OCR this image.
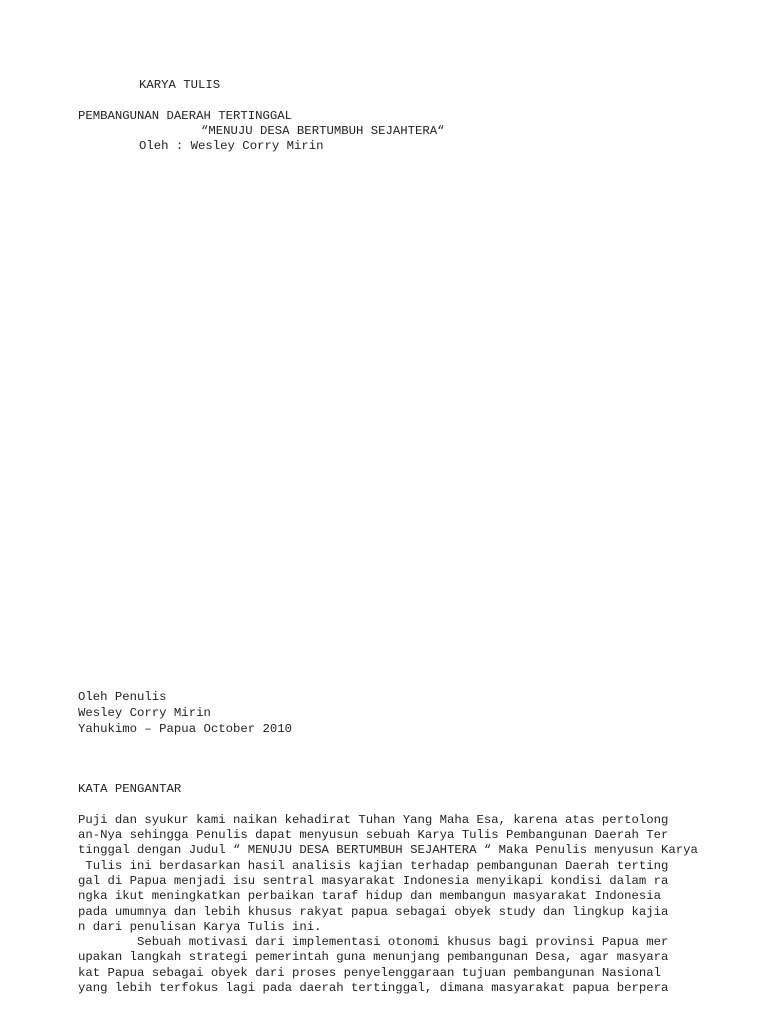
KARYA TULIS
PEMBANGUNAN DAERAH TERTINGGAL
“MENUJU DESA BERTUMBUH SEJAHTERA“
Oleh : Wesley Corry Mirin
Oleh Penulis
Wesley Corry Mirin
Yahukimo – Papua October 2010
KATA PENGANTAR
Puji dan syukur kami naikan kehadirat Tuhan Yang Maha Esa, karena atas pertolong
an-Nya sehingga Penulis dapat menyusun sebuah Karya Tulis Pembangunan Daerah Ter
tinggal dengan Judul “ MENUJU DESA BERTUMBUH SEJAHTERA “ Maka Penulis menyusun Karya
Tulis ini berdasarkan hasil analisis kajian terhadap pembangunan Daerah terting
gal di Papua menjadi isu sentral masyarakat Indonesia menyikapi kondisi dalam ra
ngka ikut meningkatkan perbaikan taraf hidup dan membangun masyarakat Indonesia
pada umumnya dan lebih khusus rakyat papua sebagai obyek study dan lingkup kajia
n dari penulisan Karya Tulis ini.
Sebuah motivasi dari implementasi otonomi khusus bagi provinsi Papua mer
upakan langkah strategi pemerintah guna menunjang pembangunan Desa, agar masyara
kat Papua sebagai obyek dari proses penyelenggaraan tujuan pembangunan Nasional
yang lebih terfokus lagi pada daerah tertinggal, dimana masyarakat papua berpera
